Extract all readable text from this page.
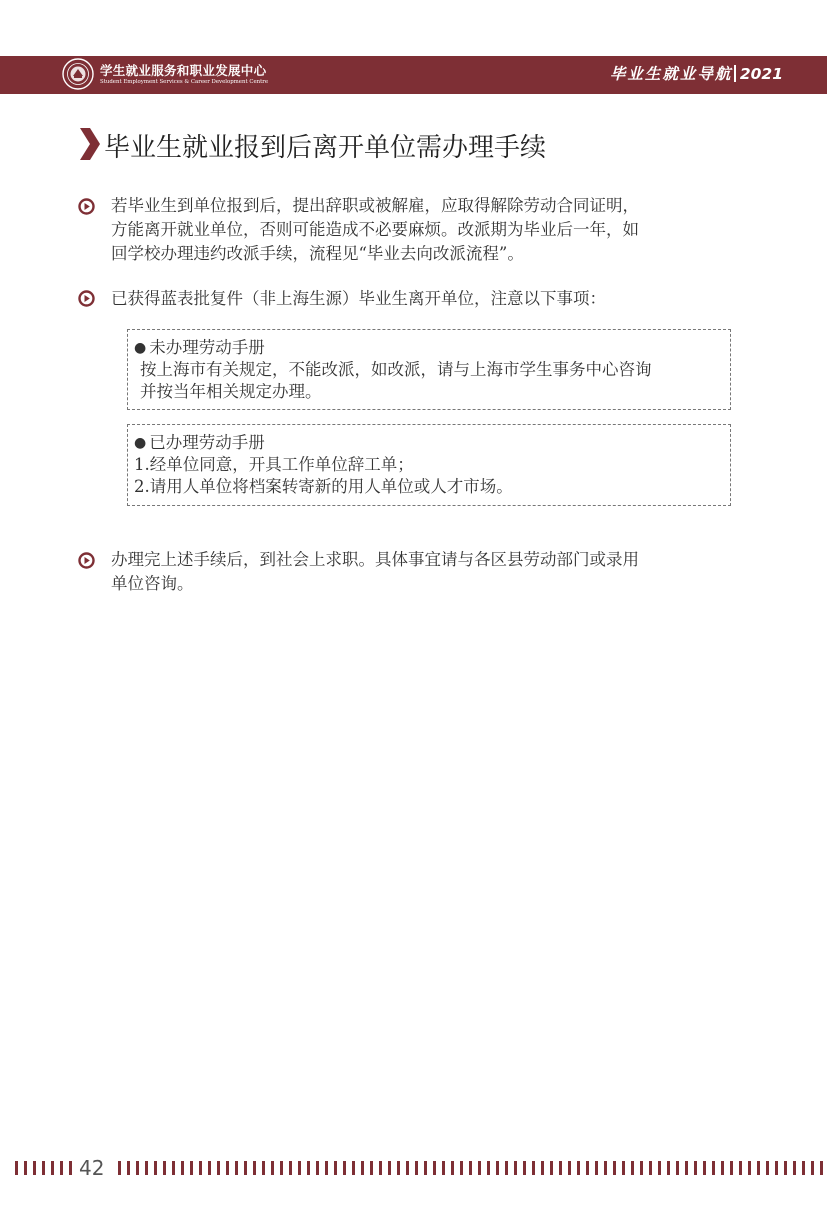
学生就业服务和职业发展中心
Student Employment Services & Career Development Centre	毕业生就业导航 2021
毕业生就业报到后离开单位需办理手续

若毕业生到单位报到后，提出辞职或被解雇，应取得解除劳动合同证明，
方能离开就业单位，否则可能造成不必要麻烦。改派期为毕业后一年，如
回学校办理违约改派手续，流程见“毕业去向改派流程”。

已获得蓝表批复件（非上海生源）毕业生离开单位，注意以下事项：

● 未办理劳动手册
按上海市有关规定，不能改派，如改派，请与上海市学生事务中心咨询
并按当年相关规定办理。
● 已办理劳动手册
1.经单位同意，开具工作单位辞工单；
2.请用人单位将档案转寄新的用人单位或人才市场。

办理完上述手续后，到社会上求职。具体事宜请与各区县劳动部门或录用
单位咨询。

42
